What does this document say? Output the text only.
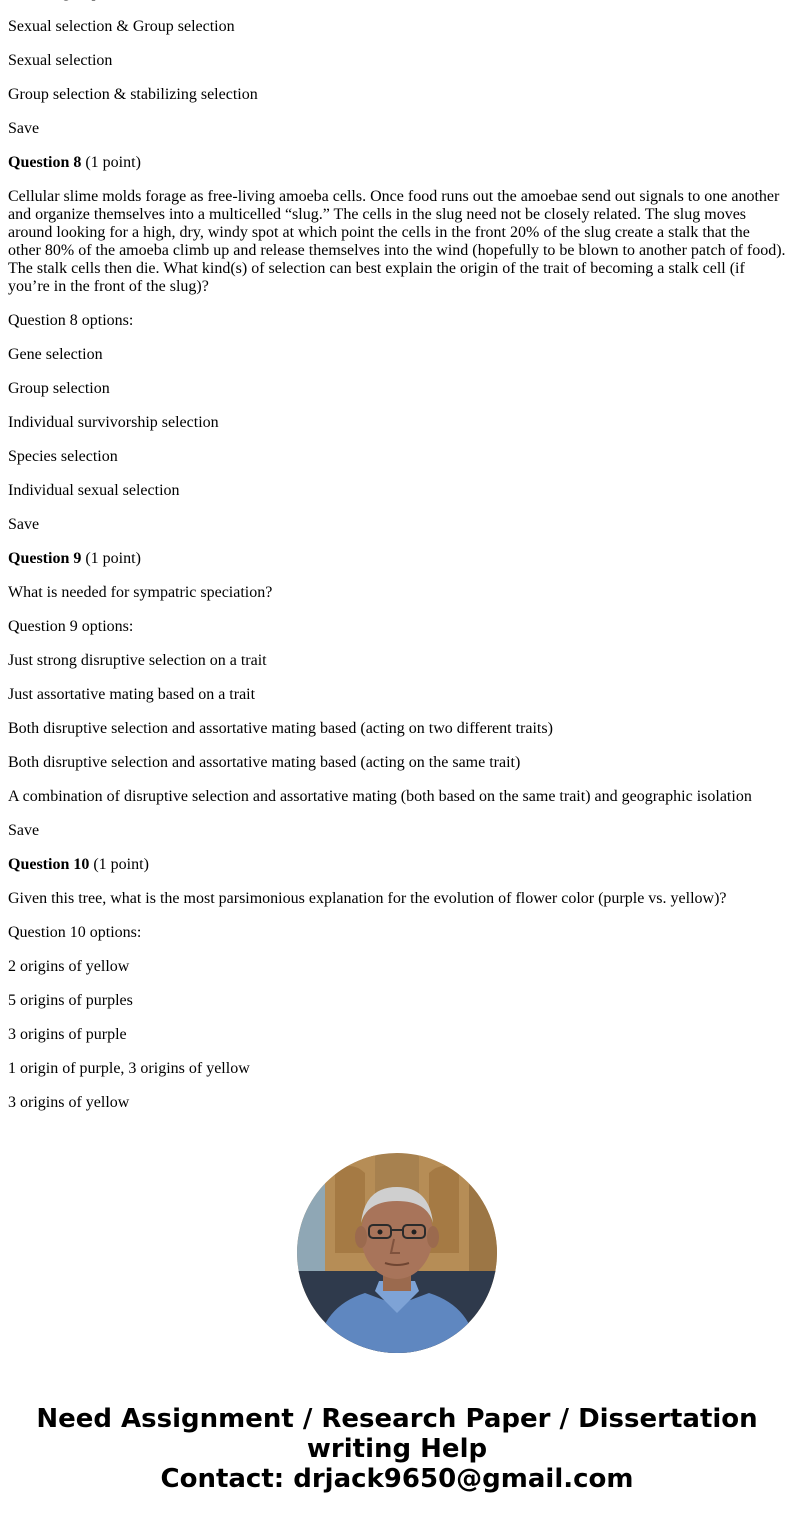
Sexual selection & Group selection

Sexual selection

Group selection & stabilizing selection

Save

Question 8 (1 point)

Cellular slime molds forage as free-living amoeba cells. Once food runs out the amoebae send out signals to one another and organize themselves into a multicelled “slug.” The cells in the slug need not be closely related. The slug moves around looking for a high, dry, windy spot at which point the cells in the front 20% of the slug create a stalk that the other 80% of the amoeba climb up and release themselves into the wind (hopefully to be blown to another patch of food). The stalk cells then die. What kind(s) of selection can best explain the origin of the trait of becoming a stalk cell (if you’re in the front of the slug)?

Question 8 options:

Gene selection

Group selection

Individual survivorship selection

Species selection

Individual sexual selection

Save

Question 9 (1 point)

What is needed for sympatric speciation?

Question 9 options:

Just strong disruptive selection on a trait

Just assortative mating based on a trait

Both disruptive selection and assortative mating based (acting on two different traits)

Both disruptive selection and assortative mating based (acting on the same trait)

A combination of disruptive selection and assortative mating (both based on the same trait) and geographic isolation

Save

Question 10 (1 point)

Given this tree, what is the most parsimonious explanation for the evolution of flower color (purple vs. yellow)?

Question 10 options:

2 origins of yellow

5 origins of purples

3 origins of purple

1 origin of purple, 3 origins of yellow

3 origins of yellow

Need Assignment / Research Paper / Dissertation
writing Help
Contact: drjack9650@gmail.com
